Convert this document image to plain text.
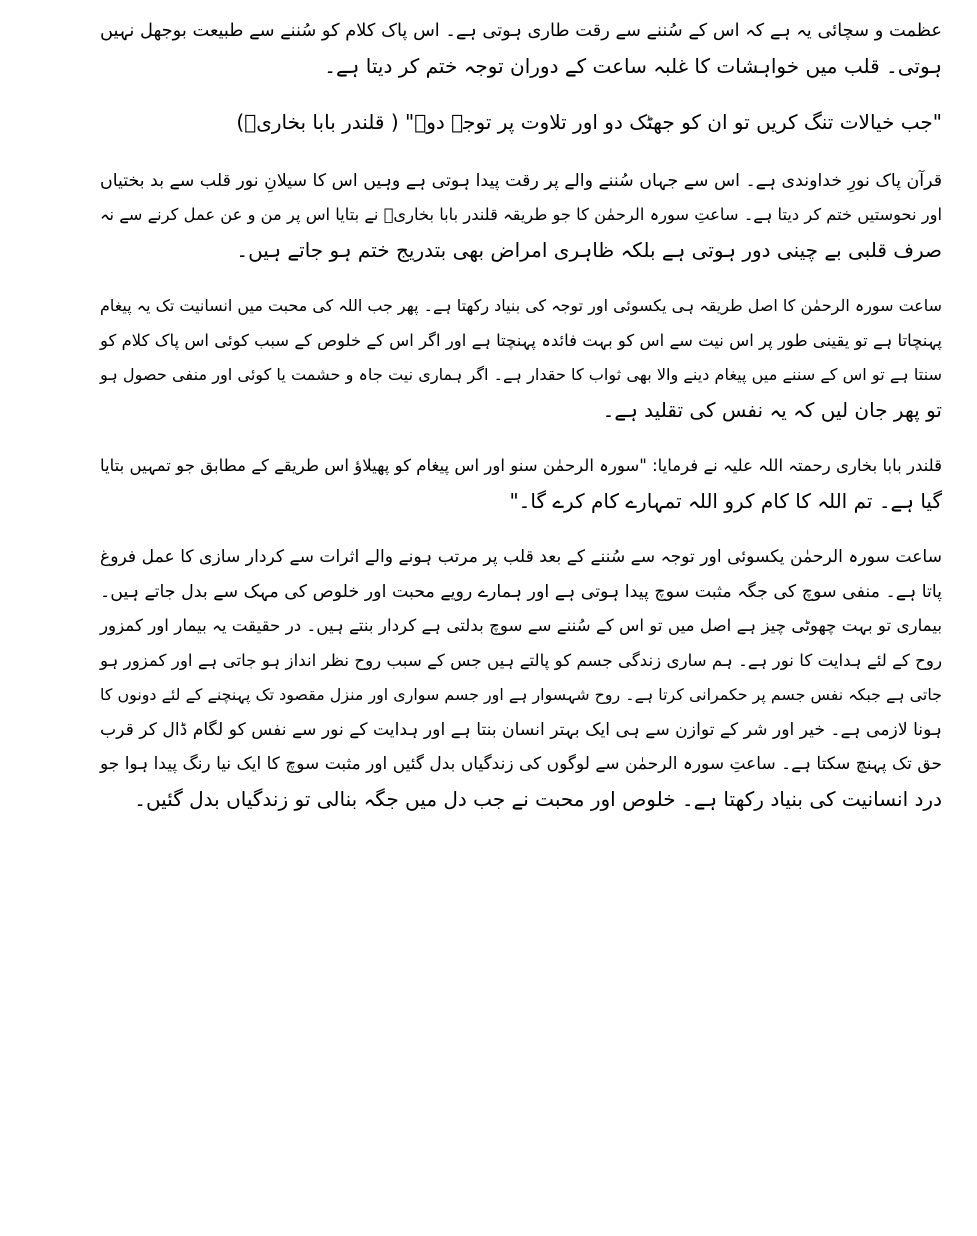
عظمت و سچائی یہ ہے کہ اس کے سُننے سے رقت طاری ہوتی ہے۔ اس پاک کلام کو سُننے سے طبیعت بوجھل نہیں
ہوتی۔ قلب میں خواہشات کا غلبہ ساعت کے دوران توجہ ختم کر دیتا ہے۔

"جب خیالات تنگ کریں تو ان کو جھٹک دو اور تلاوت پر توجہ دو۔" ( قلندر بابا بخاریؒ)

قرآن پاک نورِ خداوندی ہے۔ اس سے جہاں سُننے والے پر رقت پیدا ہوتی ہے وہیں اس کا سیلانِ نور قلب سے بد بختیاں
اور نحوستیں ختم کر دیتا ہے۔ ساعتِ سورہ الرحمٰن کا جو طریقہ قلندر بابا بخاریؒ نے بتایا اس پر من و عن عمل کرنے سے نہ
صرف قلبی بے چینی دور ہوتی ہے بلکہ ظاہری امراض بھی بتدریج ختم ہو جاتے ہیں۔

ساعت سورہ الرحمٰن کا اصل طریقہ ہی یکسوئی اور توجہ کی بنیاد رکھتا ہے۔ پھر جب اللہ کی محبت میں انسانیت تک یہ پیغام
پہنچاتا ہے تو یقینی طور پر اس نیت سے اس کو بہت فائدہ پہنچتا ہے اور اگر اس کے خلوص کے سبب کوئی اس پاک کلام کو
سنتا ہے تو اس کے سننے میں پیغام دینے والا بھی ثواب کا حقدار ہے۔ اگر ہماری نیت جاہ و حشمت یا کوئی اور منفی حصول ہو
تو پھر جان لیں کہ یہ نفس کی تقلید ہے۔

قلندر بابا بخاری رحمتہ اللہ علیہ نے فرمایا: "سورہ الرحمٰن سنو اور اس پیغام کو پھیلاؤ اس طریقے کے مطابق جو تمہیں بتایا
گیا ہے۔ تم اللہ کا کام کرو اللہ تمہارے کام کرے گا۔"

ساعت سورہ الرحمٰن یکسوئی اور توجہ سے سُننے کے بعد قلب پر مرتب ہونے والے اثرات سے کردار سازی کا عمل فروغ
پاتا ہے۔ منفی سوچ کی جگہ مثبت سوچ پیدا ہوتی ہے اور ہمارے رویے محبت اور خلوص کی مہک سے بدل جاتے ہیں۔
بیماری تو بہت چھوٹی چیز ہے اصل میں تو اس کے سُننے سے سوچ بدلتی ہے کردار بنتے ہیں۔ در حقیقت یہ بیمار اور کمزور
روح کے لئے ہدایت کا نور ہے۔ ہم ساری زندگی جسم کو پالتے ہیں جس کے سبب روح نظر انداز ہو جاتی ہے اور کمزور ہو
جاتی ہے جبکہ نفس جسم پر حکمرانی کرتا ہے۔ روح شہسوار ہے اور جسم سواری اور منزل مقصود تک پہنچنے کے لئے دونوں کا
ہونا لازمی ہے۔ خیر اور شر کے توازن سے ہی ایک بہتر انسان بنتا ہے اور ہدایت کے نور سے نفس کو لگام ڈال کر قرب
حق تک پہنچ سکتا ہے۔ ساعتِ سورہ الرحمٰن سے لوگوں کی زندگیاں بدل گئیں اور مثبت سوچ کا ایک نیا رنگ پیدا ہوا جو
درد انسانیت کی بنیاد رکھتا ہے۔ خلوص اور محبت نے جب دل میں جگہ بنالی تو زندگیاں بدل گئیں۔
